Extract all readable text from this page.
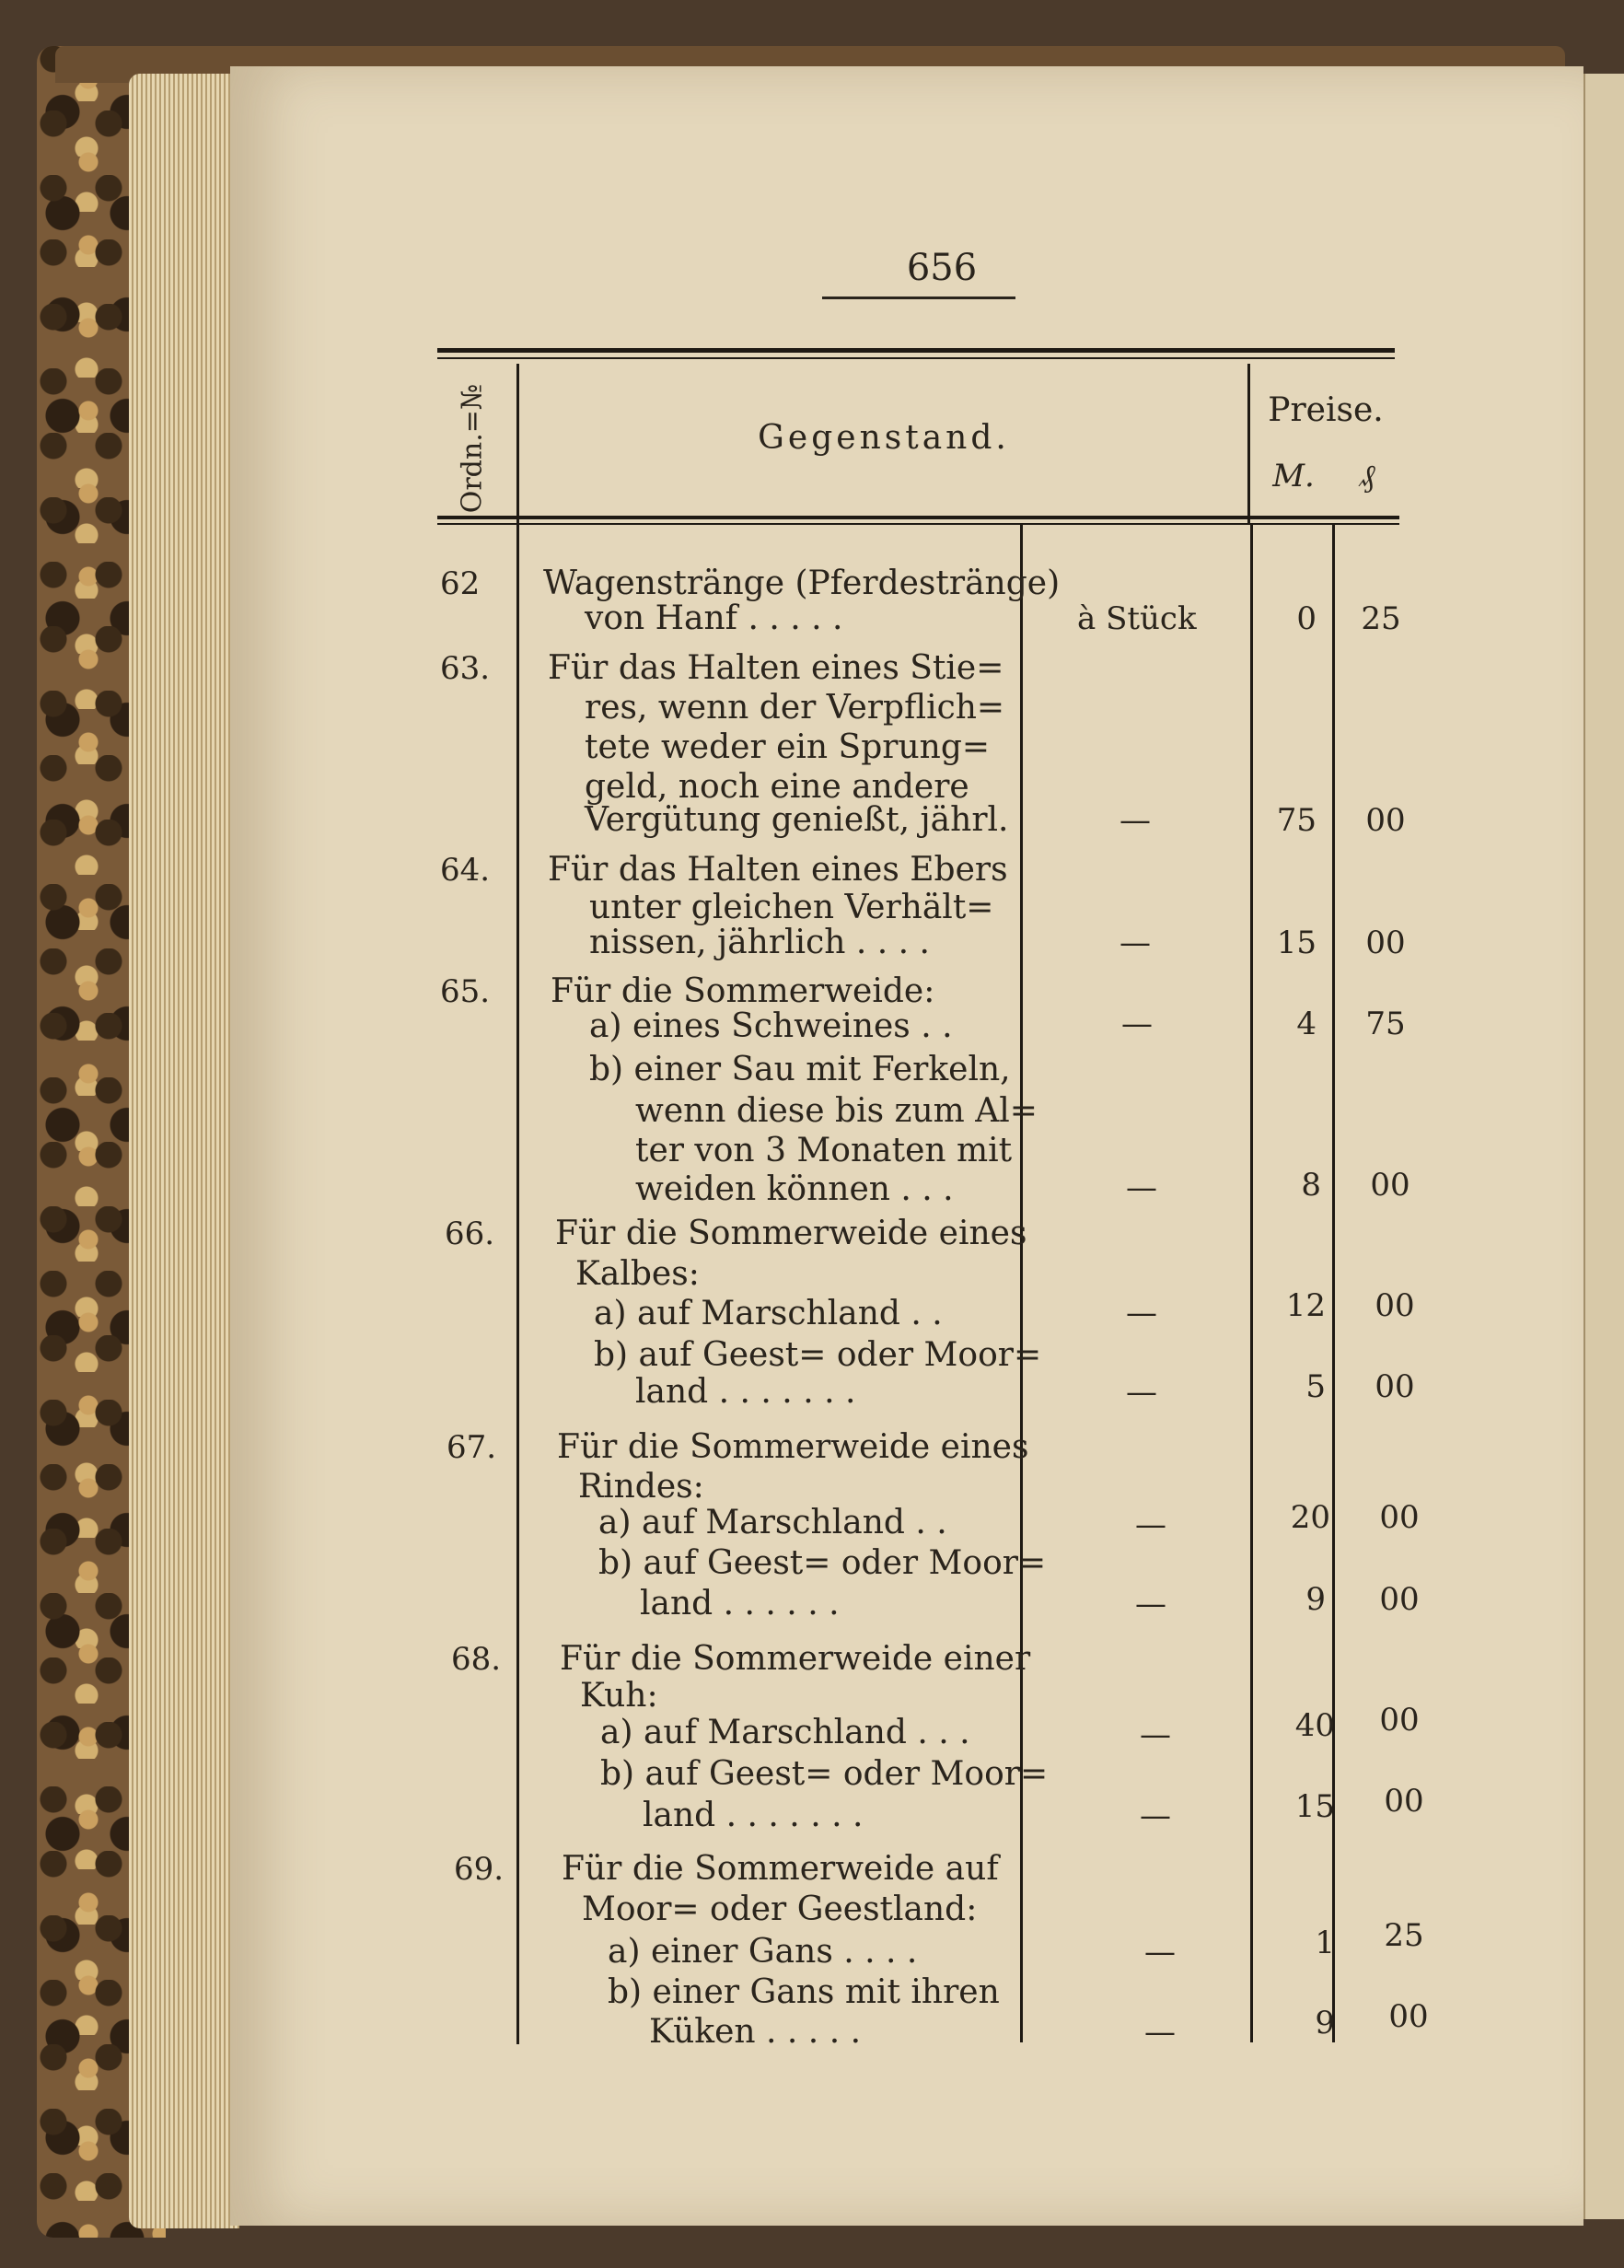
656
Ordn.=№	Gegenstand.
Preise.
M.	₰
62 Wagenstränge (Pferdestränge)
von Hanf . . . . .	à Stück	0	25
63. Für das Halten eines Stie=
res, wenn der Verpflich=
tete weder ein Sprung=
geld, noch eine andere
Vergütung genießt, jährl.	—	75	00
64. Für das Halten eines Ebers
unter gleichen Verhält=
nissen, jährlich . . . .	—	15	00
65. Für die Sommerweide:
a) eines Schweines . .	—	4	75
b) einer Sau mit Ferkeln,
wenn diese bis zum Al=
ter von 3 Monaten mit
weiden können . . .	—	8	00
66. Für die Sommerweide eines
Kalbes:
a) auf Marschland . .	—	12	00
b) auf Geest= oder Moor=
land . . . . . . .	—	5	00
67. Für die Sommerweide eines
Rindes:
a) auf Marschland . .	—	20	00
b) auf Geest= oder Moor=
land . . . . . .	—	9	00
68. Für die Sommerweide einer
Kuh:
a) auf Marschland . . .	—	40	00
b) auf Geest= oder Moor=
land . . . . . . .	—	15	00
69. Für die Sommerweide auf
Moor= oder Geestland:
a) einer Gans . . . .	—	1	25
b) einer Gans mit ihren
Küken . . . . .	—	9	00
